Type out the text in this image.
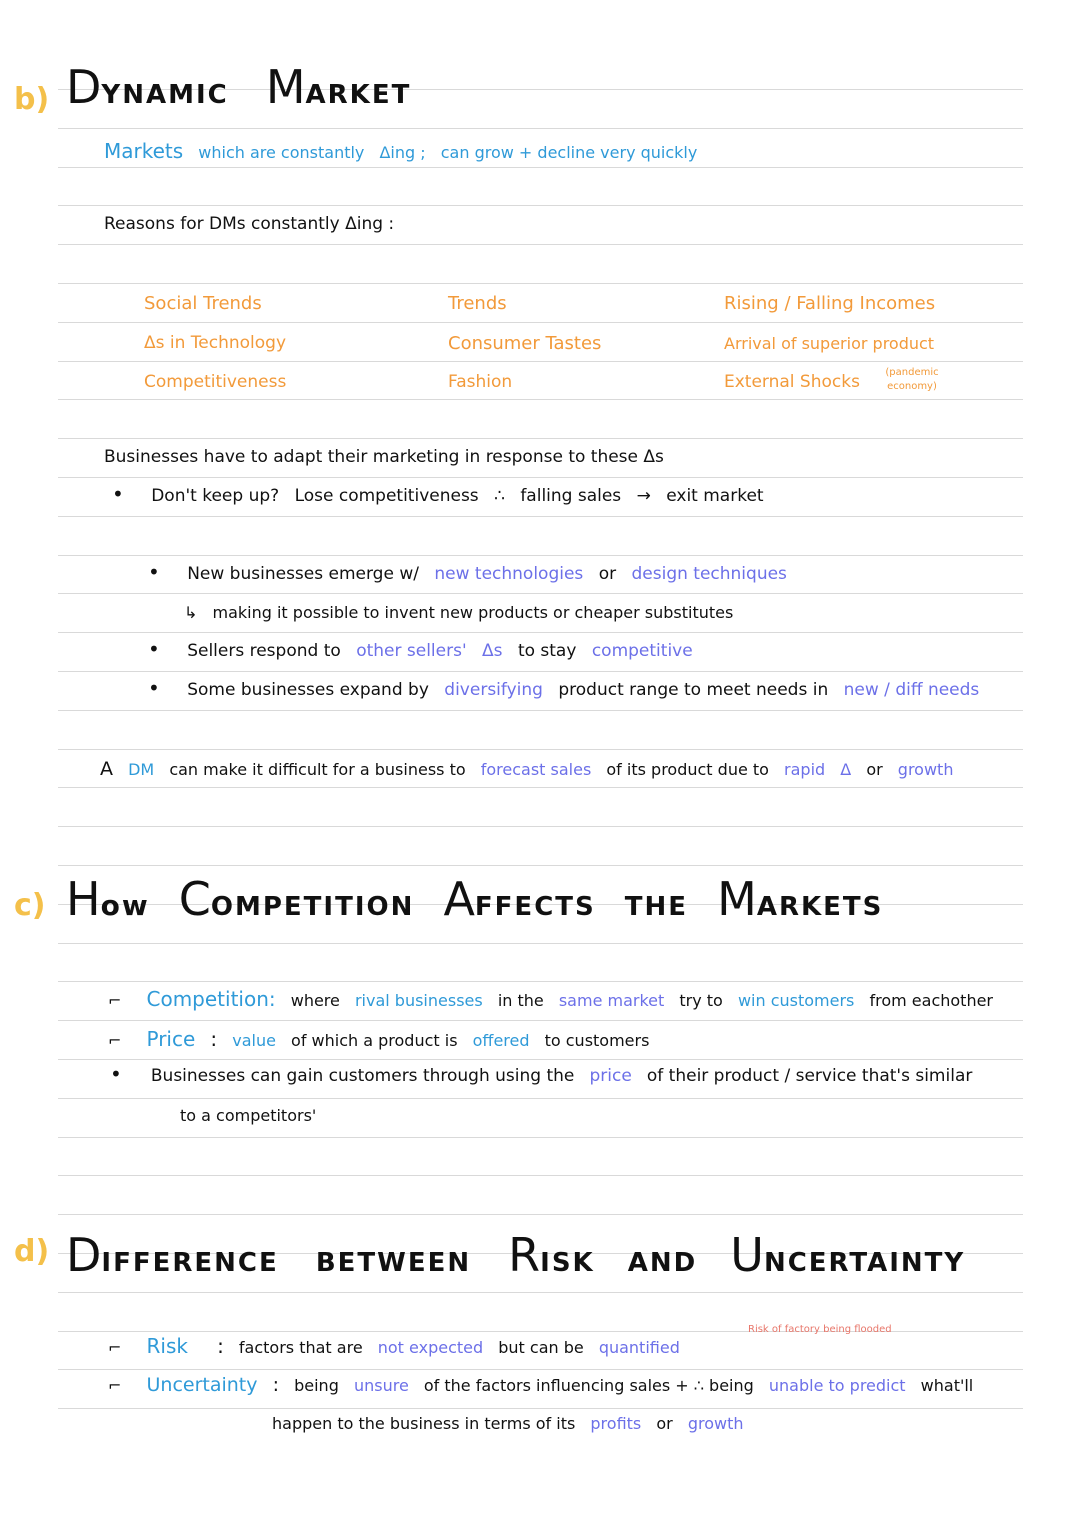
b) DYNAMIC MARKET
Markets which are constantly Δing ; can grow + decline very quickly
Reasons for DMs constantly Δing :
Social Trends
Δs in Technology
Competitiveness
Trends
Consumer Tastes
Fashion
Rising / Falling Incomes
Arrival of superior product
External Shocks	(pandemic economy)
Businesses have to adapt their marketing in response to these Δs
• Don't keep up? Lose competitiveness ∴ falling sales → exit market
• New businesses emerge w/ new technologies or design techniques
↳ making it possible to invent new products or cheaper substitutes
• Sellers respond to other sellers' Δs to stay competitive
• Some businesses expand by diversifying product range to meet needs in new / diff needs
A DM can make it difficult for a business to forecast sales of its product due to rapid Δ or growth
c) How COMPETITION AFFECTS THE MARKETS
⌐ Competition: where rival businesses in the same market try to win customers from eachother
⌐ Price : value of which a product is offered to customers
• Businesses can gain customers through using the price of their product / service that's similar
to a competitors'
d) DIFFERENCE BETWEEN RISK AND UNCERTAINTY
Risk of factory being flooded
⌐ Risk : factors that are not expected but can be quantified
⌐ Uncertainty : being unsure of the factors influencing sales + ∴ being unable to predict what'll
happen to the business in terms of its profits or growth
